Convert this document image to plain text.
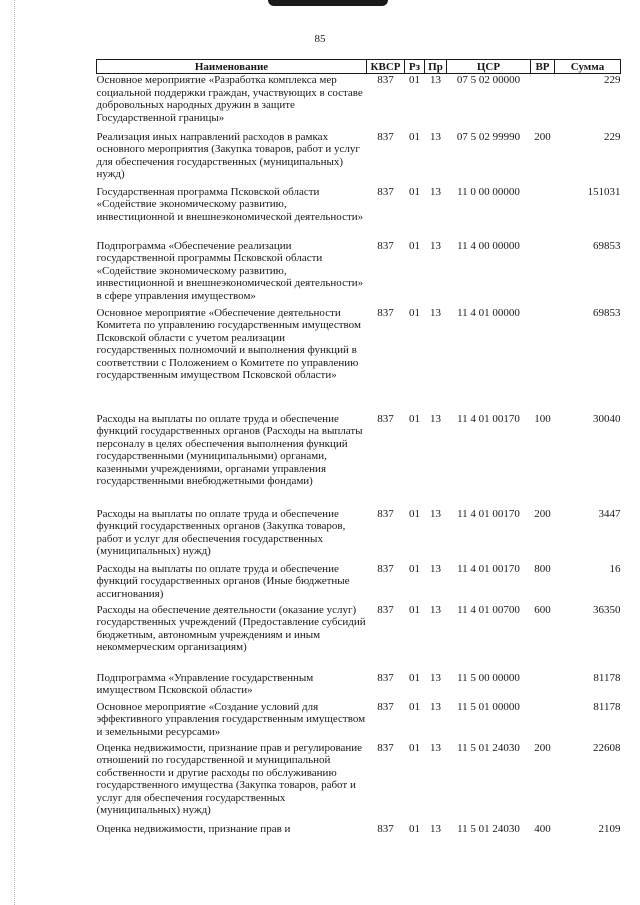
85
Наименование	КВСР	Рз	Пр	ЦСР	ВР	Сумма
Основное мероприятие «Разработка комплекса мер социальной поддержки граждан, участвующих в составе добровольных народных дружин в защите Государственной границы»	837	01	13	07 5 02 00000		229
Реализация иных направлений расходов в рамках основного мероприятия (Закупка товаров, работ и услуг для обеспечения государственных (муниципальных) нужд)	837	01	13	07 5 02 99990	200	229
Государственная программа Псковской области «Содействие экономическому развитию, инвестиционной и внешнеэкономической деятельности»	837	01	13	11 0 00 00000		151031
Подпрограмма «Обеспечение реализации государственной программы Псковской области «Содействие экономическому развитию, инвестиционной и внешнеэкономической деятельности» в сфере управления имуществом»	837	01	13	11 4 00 00000		69853
Основное мероприятие «Обеспечение деятельности Комитета по управлению государственным имуществом Псковской области с учетом реализации государственных полномочий и выполнения функций в соответствии с Положением о Комитете по управлению государственным имуществом Псковской области»	837	01	13	11 4 01 00000		69853
Расходы на выплаты по оплате труда и обеспечение функций государственных органов (Расходы на выплаты персоналу в целях обеспечения выполнения функций государственными (муниципальными) органами, казенными учреждениями, органами управления государственными внебюджетными фондами)	837	01	13	11 4 01 00170	100	30040
Расходы на выплаты по оплате труда и обеспечение функций государственных органов (Закупка товаров, работ и услуг для обеспечения государственных (муниципальных) нужд)	837	01	13	11 4 01 00170	200	3447
Расходы на выплаты по оплате труда и обеспечение функций государственных органов (Иные бюджетные ассигнования)	837	01	13	11 4 01 00170	800	16
Расходы на обеспечение деятельности (оказание услуг) государственных учреждений (Предоставление субсидий бюджетным, автономным учреждениям и иным некоммерческим организациям)	837	01	13	11 4 01 00700	600	36350
Подпрограмма «Управление государственным имуществом Псковской области»	837	01	13	11 5 00 00000		81178
Основное мероприятие «Создание условий для эффективного управления государственным имуществом и земельными ресурсами»	837	01	13	11 5 01 00000		81178
Оценка недвижимости, признание прав и регулирование отношений по государственной и муниципальной собственности и другие расходы по обслуживанию государственного имущества (Закупка товаров, работ и услуг для обеспечения государственных (муниципальных) нужд)	837	01	13	11 5 01 24030	200	22608
Оценка недвижимости, признание прав и	837	01	13	11 5 01 24030	400	2109
